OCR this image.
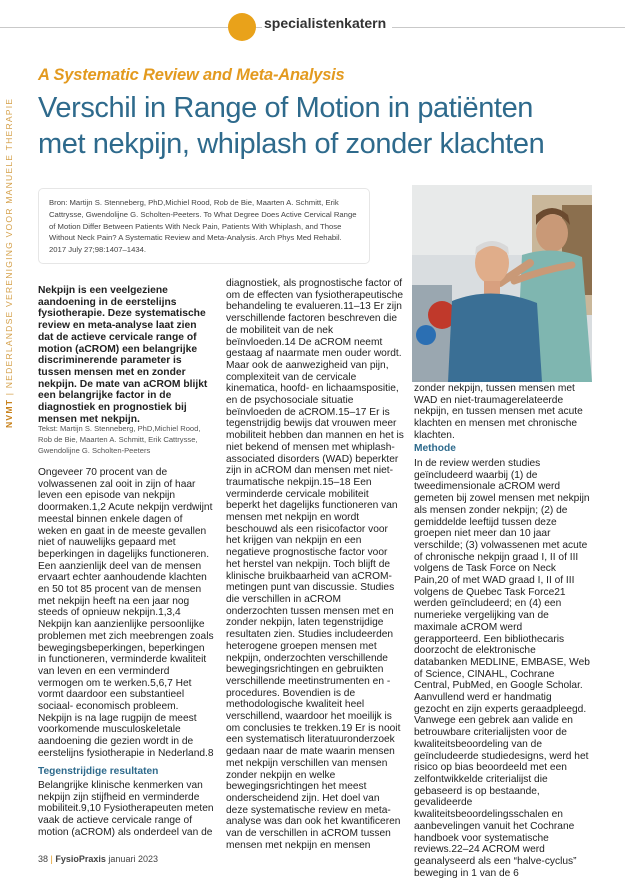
specialistenkatern
NVMT | NEDERLANDSE VERENIGING VOOR MANUELE THERAPIE
A Systematic Review and Meta-Analysis
Verschil in Range of Motion in patiënten met nekpijn, whiplash of zonder klachten

Bron: Martijn S. Stenneberg, PhD,Michiel Rood, Rob de Bie, Maarten A. Schmitt, Erik Cattrysse, Gwendolijne G. Scholten-Peeters. To What Degree Does Active Cervical Range of Motion Differ Between Patients With Neck Pain, Patients With Whiplash, and Those Without Neck Pain? A Systematic Review and Meta-Analysis. Arch Phys Med Rehabil. 2017 July 27;98:1407–1434.

Nekpijn is een veelgeziene aandoening in de eerstelijns fysiotherapie. Deze systematische review en meta-analyse laat zien dat de actieve cervicale range of motion (aCROM) een belangrijke discriminerende parameter is tussen mensen met en zonder nekpijn. De mate van aCROM blijkt een belangrijke factor in de diagnostiek en prognostiek bij mensen met nekpijn.

Tekst: Martijn S. Stenneberg, PhD,Michiel Rood, Rob de Bie, Maarten A. Schmitt, Erik Cattrysse, Gwendolijne G. Scholten-Peeters

Ongeveer 70 procent van de volwassenen zal ooit in zijn of haar leven een episode van nekpijn doormaken.1,2 Acute nekpijn verdwijnt meestal binnen enkele dagen of weken en gaat in de meeste gevallen niet of nauwelijks gepaard met beperkingen in dagelijks functioneren. Een aanzienlijk deel van de mensen ervaart echter aanhoudende klachten en 50 tot 85 procent van de mensen met nekpijn heeft na een jaar nog steeds of opnieuw nekpijn.1,3,4 Nekpijn kan aanzienlijke persoonlijke problemen met zich meebrengen zoals bewegingsbeperkingen, beperkingen in functioneren, verminderde kwaliteit van leven en een verminderd vermogen om te werken.5,6,7 Het vormt daardoor een substantieel sociaal- economisch probleem. Nekpijn is na lage rugpijn de meest voorkomende musculoskeletale aandoening die gezien wordt in de eerstelijns fysiotherapie in Nederland.8

Tegenstrijdige resultaten

Belangrijke klinische kenmerken van nekpijn zijn stijfheid en verminderde mobiliteit.9,10 Fysiotherapeuten meten vaak de actieve cervicale range of motion (aCROM) als onderdeel van de

diagnostiek, als prognostische factor of om de effecten van fysiotherapeutische behandeling te evalueren.11–13 Er zijn verschillende factoren beschreven die de mobiliteit van de nek beïnvloeden.14 De aCROM neemt gestaag af naarmate men ouder wordt. Maar ook de aanwezigheid van pijn, complexiteit van de cervicale kinematica, hoofd- en lichaamspositie, en de psychosociale situatie beïnvloeden de aCROM.15–17 Er is tegenstrijdig bewijs dat vrouwen meer mobiliteit hebben dan mannen en het is niet bekend of mensen met whiplash-associated disorders (WAD) beperkter zijn in aCROM dan mensen met niet-traumatische nekpijn.15–18 Een verminderde cervicale mobiliteit beperkt het dagelijks functioneren van mensen met nekpijn en wordt beschouwd als een risicofactor voor het krijgen van nekpijn en een negatieve prognostische factor voor het herstel van nekpijn. Toch blijft de klinische bruikbaarheid van aCROM-metingen punt van discussie. Studies die verschillen in aCROM onderzochten tussen mensen met en zonder nekpijn, laten tegenstrijdige resultaten zien. Studies includeerden heterogene groepen mensen met nekpijn, onderzochten verschillende bewegingsrichtingen en gebruikten verschillende meetinstrumenten en -procedures. Bovendien is de methodologische kwaliteit heel verschillend, waardoor het moeilijk is om conclusies te trekken.19 Er is nooit een systematisch literatuuronderzoek gedaan naar de mate waarin mensen met nekpijn verschillen van mensen zonder nekpijn en welke bewegingsrichtingen het meest onderscheidend zijn. Het doel van deze systematische review en meta-analyse was dan ook het kwantificeren van de verschillen in aCROM tussen mensen met nekpijn en mensen

zonder nekpijn, tussen mensen met WAD en niet-traumagerelateerde nekpijn, en tussen mensen met acute klachten en mensen met chronische klachten.

Methode

In de review werden studies geïncludeerd waarbij (1) de tweedimensionale aCROM werd gemeten bij zowel mensen met nekpijn als mensen zonder nekpijn; (2) de gemiddelde leeftijd tussen deze groepen niet meer dan 10 jaar verschilde; (3) volwassenen met acute of chronische nekpijn graad I, II of III volgens de Task Force on Neck Pain,20 of met WAD graad I, II of III volgens de Quebec Task Force21 werden geïncludeerd; en (4) een numerieke vergelijking van de maximale aCROM werd gerapporteerd. Een bibliothecaris doorzocht de elektronische databanken MEDLINE, EMBASE, Web of Science, CINAHL, Cochrane Central, PubMed, en Google Scholar. Aanvullend werd er handmatig gezocht en zijn experts geraadpleegd. Vanwege een gebrek aan valide en betrouwbare criterialijsten voor de kwaliteitsbeoordeling van de geïncludeerde studiedesigns, werd het risico op bias beoordeeld met een zelfontwikkelde criterialijst die gebaseerd is op bestaande, gevalideerde kwaliteitsbeoordelingsschalen en aanbevelingen vanuit het Cochrane handboek voor systematische reviews.22–24 ACROM werd geanalyseerd als een “halve-cyclus” beweging in 1 van de 6

38 | FysioPraxis januari 2023
